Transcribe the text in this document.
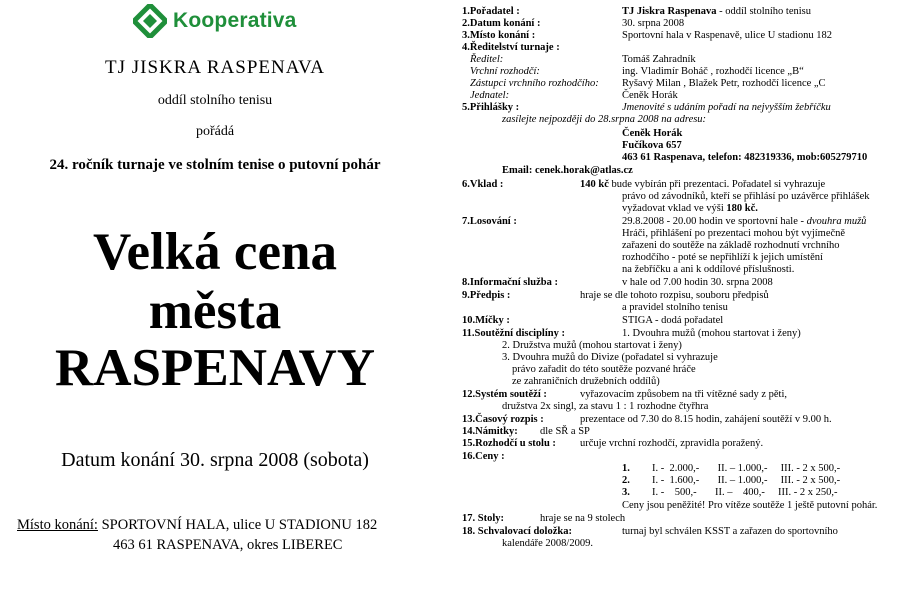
Kooperativa
TJ JISKRA RASPENAVA
oddíl stolního tenisu
pořádá
24. ročník turnaje ve stolním tenise o putovní pohár
Velká cena
města
RASPENAVY
Datum konání 30. srpna 2008 (sobota)
Místo konání: SPORTOVNÍ HALA, ulice U STADIONU 182
463 61 RASPENAVA, okres LIBEREC
1.Pořadatel :	TJ Jiskra Raspenava - oddíl stolního tenisu
2.Datum konání :	30. srpna 2008
3.Místo konání :	Sportovní hala v Raspenavě, ulice U stadionu 182
4.Ředitelství turnaje :
Ředitel:	Tomáš Zahradník
Vrchní rozhodčí:	ing. Vladimír Boháč , rozhodčí licence „B“
Zástupci vrchního rozhodčího: Ryšavý Milan , Blažek Petr, rozhodčí licence „C
Jednatel:	Čeněk Horák
5.Přihlášky :	Jmenovité s udáním pořadí na nejvyšším žebříčku
zasílejte nejpozději do 28.srpna 2008 na adresu:
Čeněk Horák
Fučíkova 657
463 61 Raspenava, telefon: 482319336, mob:605279710
Email: cenek.horak@atlas.cz
6.Vklad :	140 kč bude vybírán při prezentaci. Pořadatel si vyhrazuje
právo od závodníků, kteří se přihlásí po uzávěrce přihlášek
vyžadovat vklad ve výši 180 kč.
7.Losování :	29.8.2008 - 20.00 hodin ve sportovní hale - dvouhra mužů
Hráči, přihlášení po prezentaci mohou být vyjímečně
zařazeni do soutěže na základě rozhodnutí vrchního
rozhodčího - poté se nepřihlíží k jejich umístění
na žebříčku a ani k oddílové příslušnosti.
8.Informační služba :	v hale od 7.00 hodin 30. srpna 2008
9.Předpis :	hraje se dle tohoto rozpisu, souboru předpisů
a pravidel stolního tenisu
10.Míčky :	STIGA - dodá pořadatel
11.Soutěžní disciplíny :	1. Dvouhra mužů (mohou startovat i ženy)
2. Družstva mužů (mohou startovat i ženy)
3. Dvouhra mužů do Divize (pořadatel si vyhrazuje
právo zařadit do této soutěže pozvané hráče
ze zahraničních družebních oddílů)
12.Systém soutěží :	vyřazovacím způsobem na tři vítězné sady z pěti,
družstva 2x singl, za stavu 1 : 1 rozhodne čtyřhra
13.Časový rozpis :	prezentace od 7.30 do 8.15 hodin, zahájení soutěží v 9.00 h.
14.Námitky: dle SŘ a SP
15.Rozhodčí u stolu : určuje vrchní rozhodčí, zpravidla poražený.
16.Ceny :
1. I. -  2.000,-       II. – 1.000,-     III. - 2 x 500,-
2. I. -  1.600,-       II. – 1.000,-     III. - 2 x 500,-
3. I. -    500,-       II. –    400,-     III. - 2 x 250,-
Ceny jsou peněžité! Pro vítěze soutěže 1 ještě putovní pohár.
17. Stoly:	hraje se na 9 stolech
18. Schvalovací doložka:	turnaj byl schválen KSST a zařazen do sportovního
kalendáře 2008/2009.
